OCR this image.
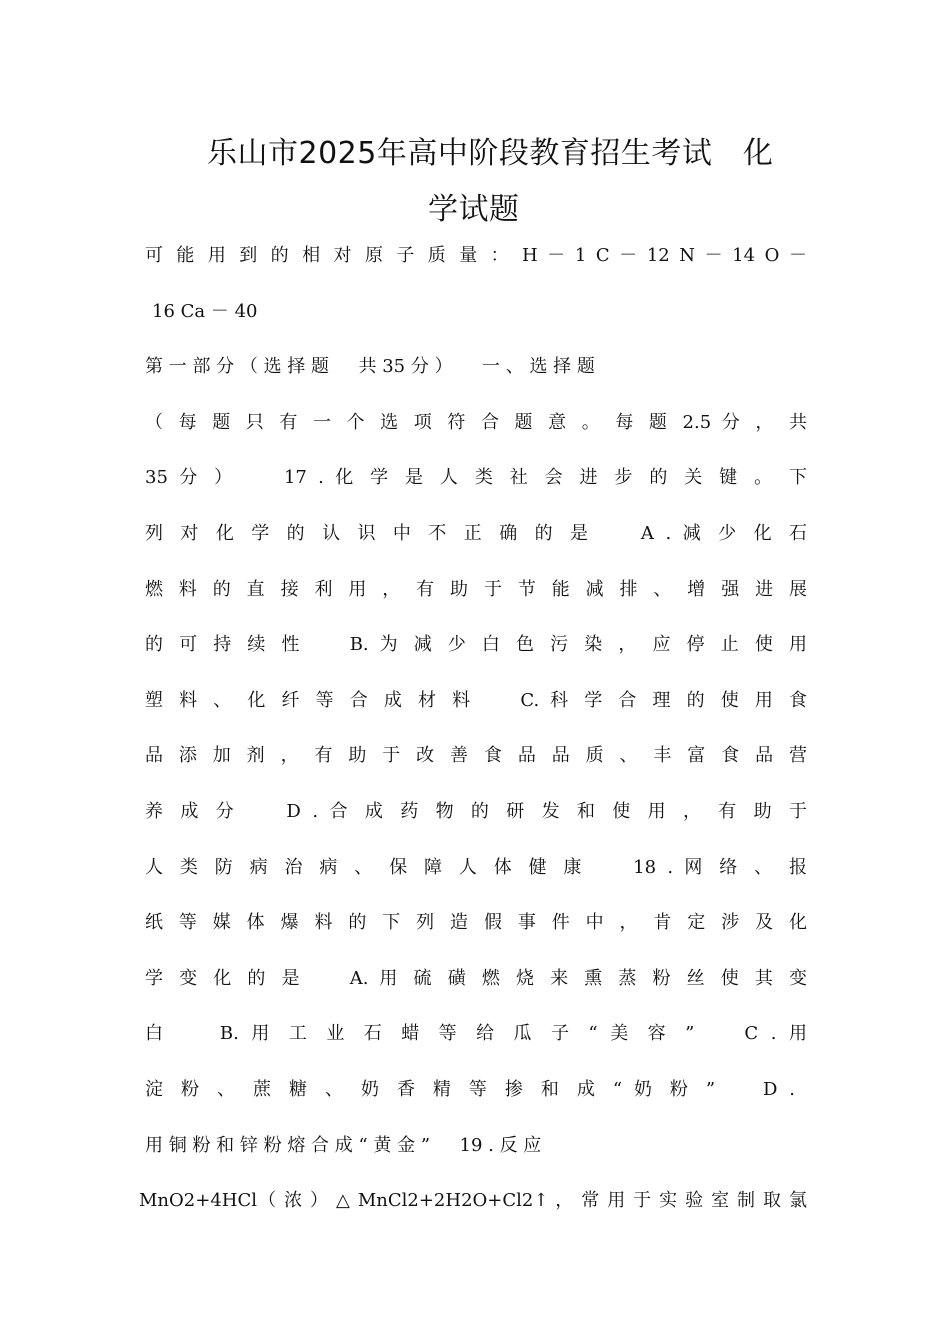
乐山市2025年高中阶段教育招生考试　化
学试题
可 能 用 到 的 相 对 原 子 质 量 ： H － 1 C － 12 N － 14 O －
16 Ca － 40
第 一 部 分 （ 选 择 题 　 共 35 分 ） 　 一 、 选 择 题
（ 每 题 只 有 一 个 选 项 符 合 题 意 。 每 题 2.5 分 ， 共
35 分 ） 　 17 . 化 学 是 人 类 社 会 进 步 的 关 键 。 下
列 对 化 学 的 认 识 中 不 正 确 的 是 　 A . 减 少 化 石
燃 料 的 直 接 利 用 ， 有 助 于 节 能 减 排 、 增 强 进 展
的 可 持 续 性 　 B. 为 减 少 白 色 污 染 ， 应 停 止 使 用
塑 料 、 化 纤 等 合 成 材 料 　 C. 科 学 合 理 的 使 用 食
品 添 加 剂 ， 有 助 于 改 善 食 品 品 质 、 丰 富 食 品 营
养 成 分 　 D . 合 成 药 物 的 研 发 和 使 用 ， 有 助 于
人 类 防 病 治 病 、 保 障 人 体 健 康 　 18 . 网 络 、 报
纸 等 媒 体 爆 料 的 下 列 造 假 事 件 中 ， 肯 定 涉 及 化
学 变 化 的 是 　 A. 用 硫 磺 燃 烧 来 熏 蒸 粉 丝 使 其 变
白 　 B. 用 工 业 石 蜡 等 给 瓜 子 “ 美 容 ” 　 C . 用
淀 粉 、 蔗 糖 、 奶 香 精 等 掺 和 成 “ 奶 粉 ” 　 D .
用 铜 粉 和 锌 粉 熔 合 成 “ 黄 金 ” 　 19 . 反 应
MnO2+4HCl（ 浓 ） △ MnCl2+2H2O+Cl2↑ ， 常 用 于 实 验 室 制 取 氯
